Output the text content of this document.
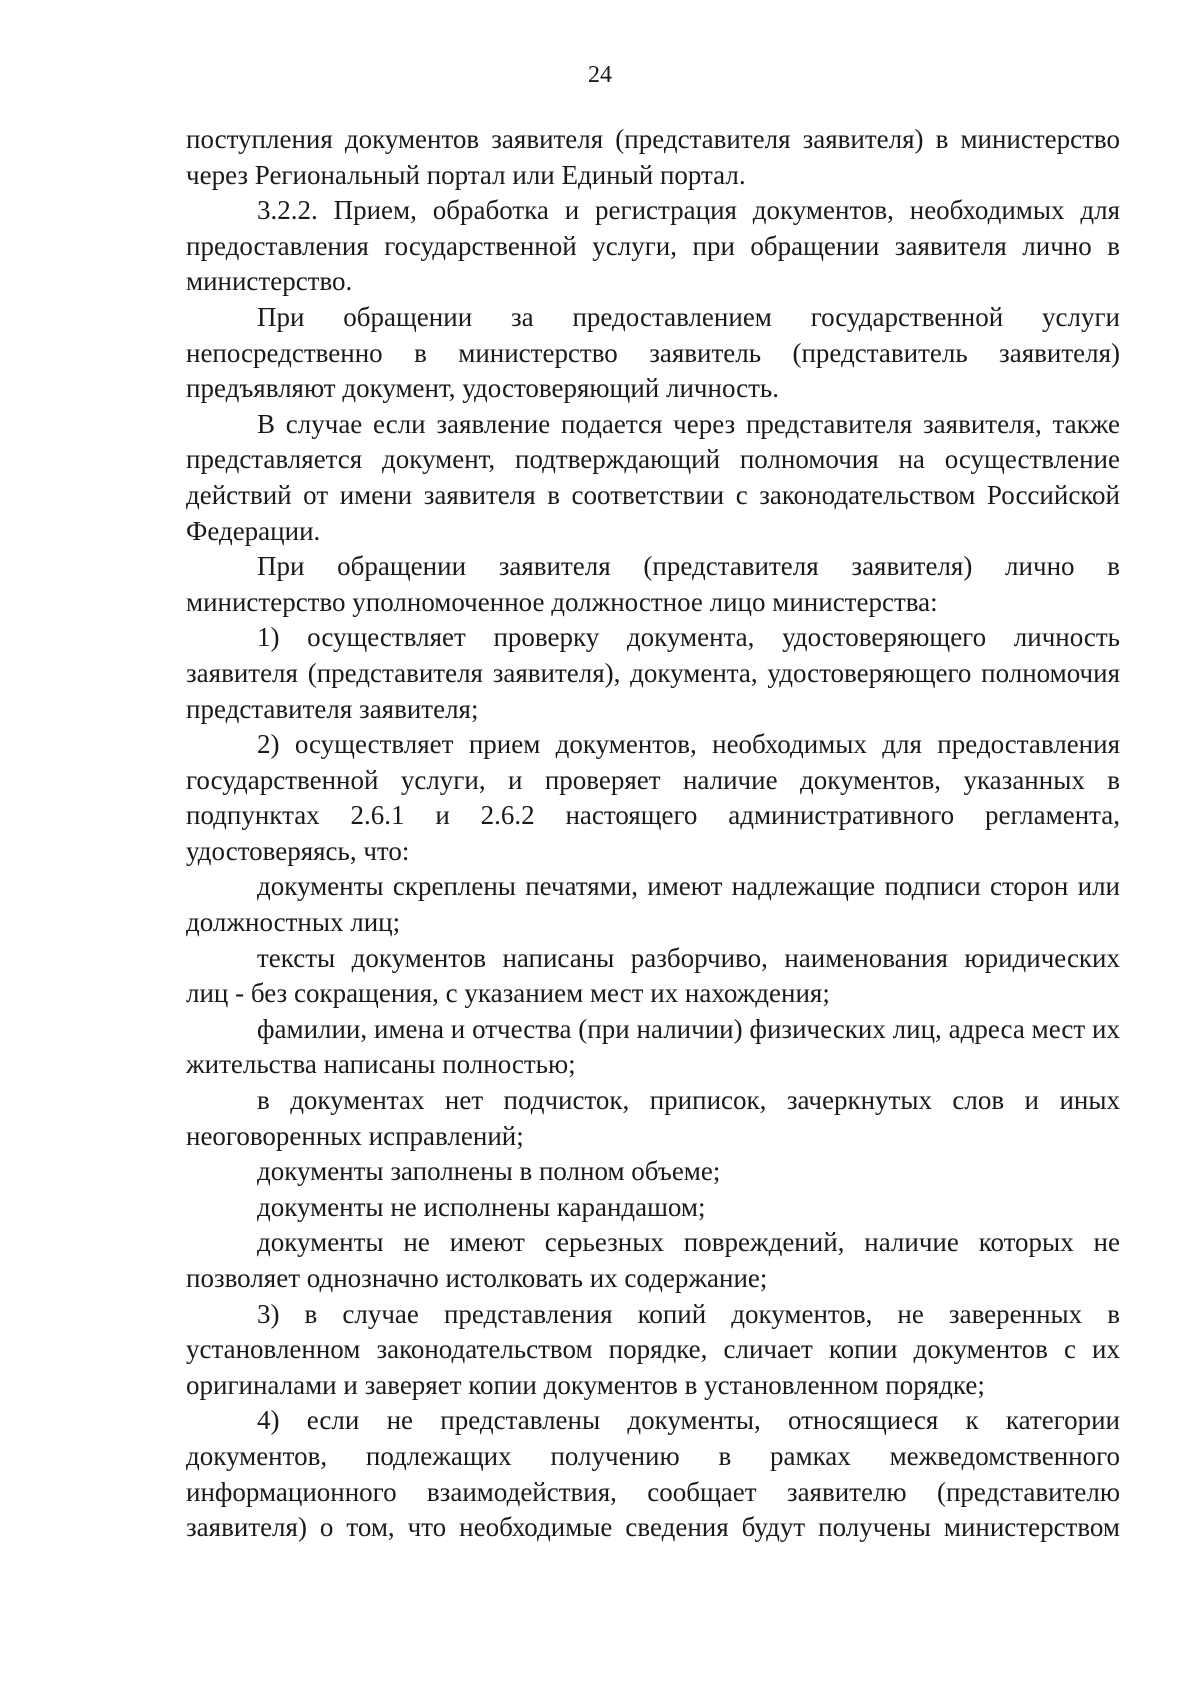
24

поступления документов заявителя (представителя заявителя) в министерство через Региональный портал или Единый портал.

3.2.2. Прием, обработка и регистрация документов, необходимых для предоставления государственной услуги, при обращении заявителя лично в министерство.

При обращении за предоставлением государственной услуги непосредственно в министерство заявитель (представитель заявителя) предъявляют документ, удостоверяющий личность.

В случае если заявление подается через представителя заявителя, также представляется документ, подтверждающий полномочия на осуществление действий от имени заявителя в соответствии с законодательством Российской Федерации.

При обращении заявителя (представителя заявителя) лично в министерство уполномоченное должностное лицо министерства:

1) осуществляет проверку документа, удостоверяющего личность заявителя (представителя заявителя), документа, удостоверяющего полномочия представителя заявителя;

2) осуществляет прием документов, необходимых для предоставления государственной услуги, и проверяет наличие документов, указанных в подпунктах 2.6.1 и 2.6.2 настоящего административного регламента, удостоверяясь, что:

документы скреплены печатями, имеют надлежащие подписи сторон или должностных лиц;

тексты документов написаны разборчиво, наименования юридических лиц - без сокращения, с указанием мест их нахождения;

фамилии, имена и отчества (при наличии) физических лиц, адреса мест их жительства написаны полностью;

в документах нет подчисток, приписок, зачеркнутых слов и иных неоговоренных исправлений;

документы заполнены в полном объеме;

документы не исполнены карандашом;

документы не имеют серьезных повреждений, наличие которых не позволяет однозначно истолковать их содержание;

3) в случае представления копий документов, не заверенных в установленном законодательством порядке, сличает копии документов с их оригиналами и заверяет копии документов в установленном порядке;

4) если не представлены документы, относящиеся к категории документов, подлежащих получению в рамках межведомственного информационного взаимодействия, сообщает заявителю (представителю заявителя) о том, что необходимые сведения будут получены министерством
